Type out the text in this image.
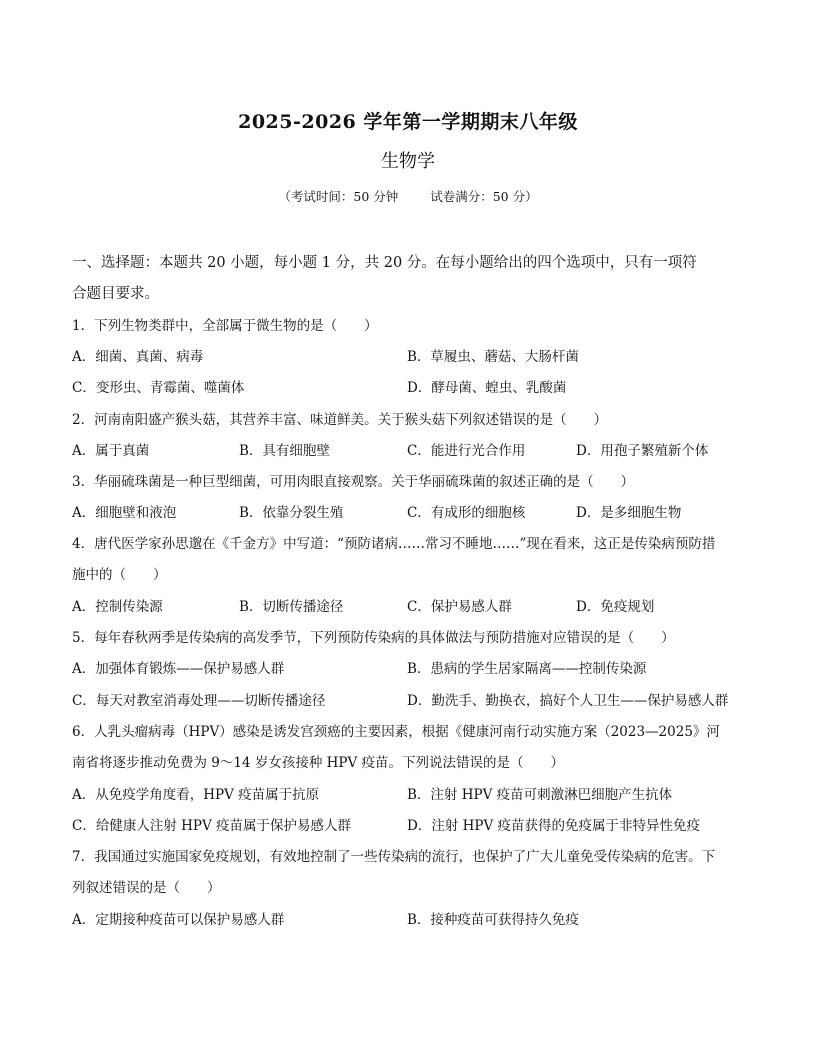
2025-2026 学年第一学期期末八年级
生物学
（考试时间：50 分钟	试卷满分：50 分）
一、选择题：本题共 20 小题，每小题 1 分，共 20 分。在每小题给出的四个选项中，只有一项符
合题目要求。
1．下列生物类群中，全部属于微生物的是（　　）
A．细菌、真菌、病毒	B．草履虫、蘑菇、大肠杆菌
C．变形虫、青霉菌、噬菌体	D．酵母菌、蝗虫、乳酸菌
2．河南南阳盛产猴头菇，其营养丰富、味道鲜美。关于猴头菇下列叙述错误的是（　　）
A．属于真菌	B．具有细胞壁	C．能进行光合作用	D．用孢子繁殖新个体
3．华丽硫珠菌是一种巨型细菌，可用肉眼直接观察。关于华丽硫珠菌的叙述正确的是（　　）
A．细胞壁和液泡	B．依靠分裂生殖	C．有成形的细胞核	D．是多细胞生物
4．唐代医学家孙思邈在《千金方》中写道：“预防诸病……常习不睡地……”现在看来，这正是传染病预防措
施中的（　　）
A．控制传染源	B．切断传播途径	C．保护易感人群	D．免疫规划
5．每年春秋两季是传染病的高发季节，下列预防传染病的具体做法与预防措施对应错误的是（　　）
A．加强体育锻炼——保护易感人群	B．患病的学生居家隔离——控制传染源
C．每天对教室消毒处理——切断传播途径	D．勤洗手、勤换衣，搞好个人卫生——保护易感人群
6．人乳头瘤病毒（HPV）感染是诱发宫颈癌的主要因素，根据《健康河南行动实施方案（2023—2025》河
南省将逐步推动免费为 9～14 岁女孩接种 HPV 疫苗。下列说法错误的是（　　）
A．从免疫学角度看，HPV 疫苗属于抗原	B．注射 HPV 疫苗可刺激淋巴细胞产生抗体
C．给健康人注射 HPV 疫苗属于保护易感人群	D．注射 HPV 疫苗获得的免疫属于非特异性免疫
7．我国通过实施国家免疫规划，有效地控制了一些传染病的流行，也保护了广大儿童免受传染病的危害。下
列叙述错误的是（　　）
A．定期接种疫苗可以保护易感人群	B．接种疫苗可获得持久免疫
